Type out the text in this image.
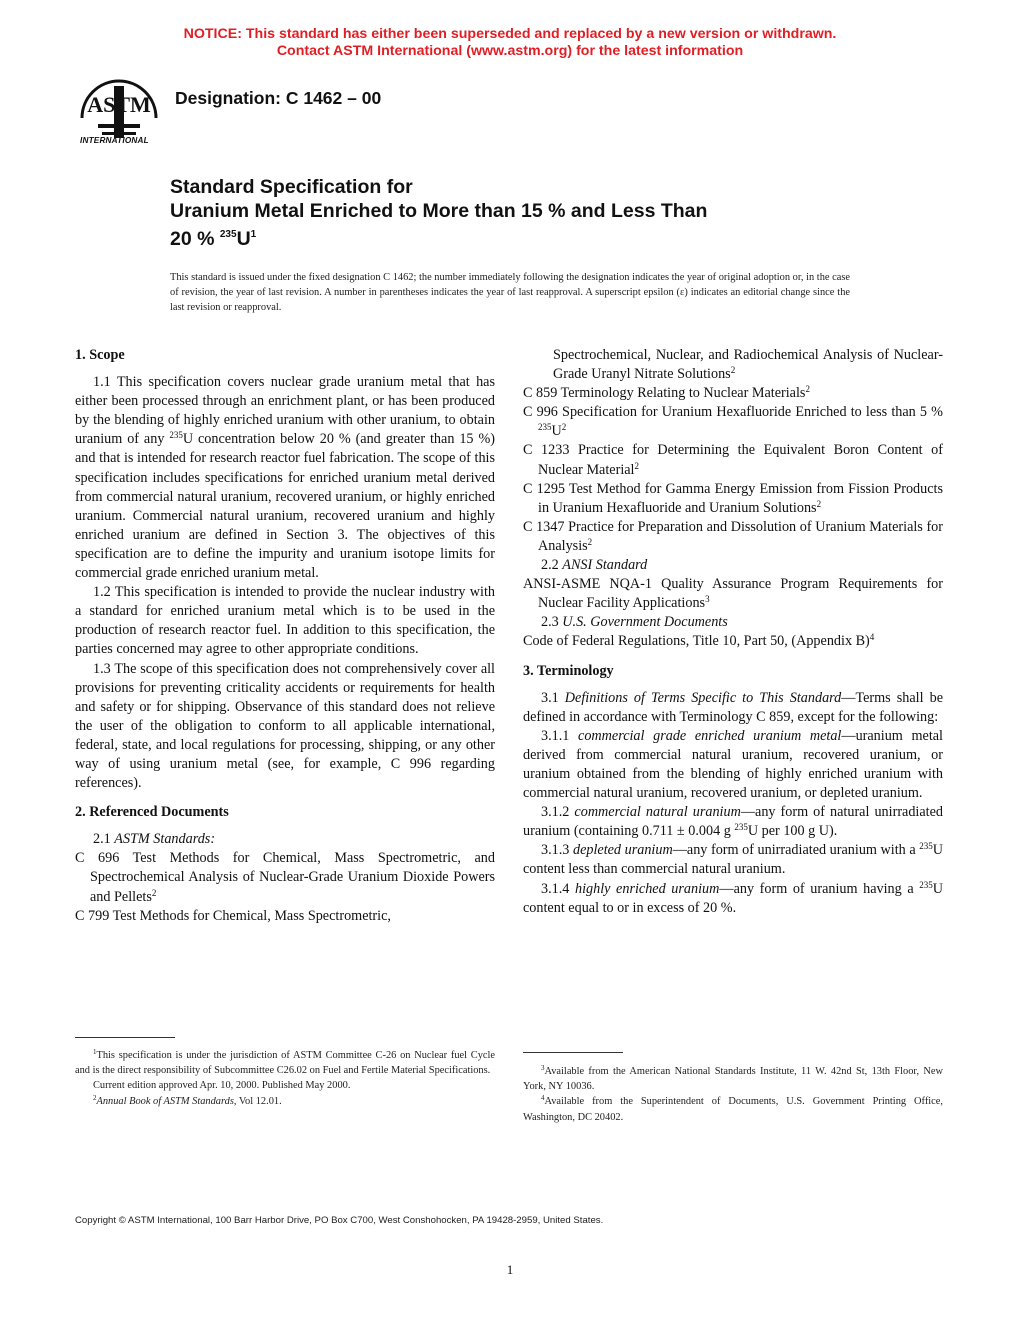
NOTICE: This standard has either been superseded and replaced by a new version or withdrawn.
Contact ASTM International (www.astm.org) for the latest information
ASTM
INTERNATIONAL
Designation: C 1462 – 00
Standard Specification for
Uranium Metal Enriched to More than 15 % and Less Than
20 % $^{235}U^1$
This standard is issued under the fixed designation C 1462; the number immediately following the designation indicates the year of original adoption or, in the case of revision, the year of last revision. A number in parentheses indicates the year of last reapproval. A superscript epsilon (ε) indicates an editorial change since the last revision or reapproval.

1. Scope

1.1 This specification covers nuclear grade uranium metal that has either been processed through an enrichment plant, or has been produced by the blending of highly enriched uranium with other uranium, to obtain uranium of any $^{235}$U concentration below 20 % (and greater than 15 %) and that is intended for research reactor fuel fabrication. The scope of this specification includes specifications for enriched uranium metal derived from commercial natural uranium, recovered uranium, or highly enriched uranium. Commercial natural uranium, recovered uranium and highly enriched uranium are defined in Section 3. The objectives of this specification are to define the impurity and uranium isotope limits for commercial grade enriched uranium metal.

1.2 This specification is intended to provide the nuclear industry with a standard for enriched uranium metal which is to be used in the production of research reactor fuel. In addition to this specification, the parties concerned may agree to other appropriate conditions.

1.3 The scope of this specification does not comprehensively cover all provisions for preventing criticality accidents or requirements for health and safety or for shipping. Observance of this standard does not relieve the user of the obligation to conform to all applicable international, federal, state, and local regulations for processing, shipping, or any other way of using uranium metal (see, for example, C 996 regarding references).

2. Referenced Documents

2.1 ASTM Standards:

C 696 Test Methods for Chemical, Mass Spectrometric, and Spectrochemical Analysis of Nuclear-Grade Uranium Dioxide Powers and Pellets$^2$

C 799 Test Methods for Chemical, Mass Spectrometric,

Spectrochemical, Nuclear, and Radiochemical Analysis of Nuclear-Grade Uranyl Nitrate Solutions$^2$

C 859 Terminology Relating to Nuclear Materials$^2$

C 996 Specification for Uranium Hexafluoride Enriched to less than 5 % $^{235}U^2$

C 1233 Practice for Determining the Equivalent Boron Content of Nuclear Material$^2$

C 1295 Test Method for Gamma Energy Emission from Fission Products in Uranium Hexafluoride and Uranium Solutions$^2$

C 1347 Practice for Preparation and Dissolution of Uranium Materials for Analysis$^2$

2.2 ANSI Standard

ANSI-ASME NQA-1 Quality Assurance Program Requirements for Nuclear Facility Applications$^3$

2.3 U.S. Government Documents

Code of Federal Regulations, Title 10, Part 50, (Appendix B)$^4$

3. Terminology

3.1 Definitions of Terms Specific to This Standard—Terms shall be defined in accordance with Terminology C 859, except for the following:

3.1.1 commercial grade enriched uranium metal—uranium metal derived from commercial natural uranium, recovered uranium, or uranium obtained from the blending of highly enriched uranium with commercial natural uranium, recovered uranium, or depleted uranium.

3.1.2 commercial natural uranium—any form of natural unirradiated uranium (containing 0.711 ± 0.004 g $^{235}$U per 100 g U).

3.1.3 depleted uranium—any form of unirradiated uranium with a $^{235}$U content less than commercial natural uranium.

3.1.4 highly enriched uranium—any form of uranium having a $^{235}$U content equal to or in excess of 20 %.

$^1$This specification is under the jurisdiction of ASTM Committee C-26 on Nuclear fuel Cycle and is the direct responsibility of Subcommittee C26.02 on Fuel and Fertile Material Specifications.

Current edition approved Apr. 10, 2000. Published May 2000.

$^2$Annual Book of ASTM Standards, Vol 12.01.

$^3$Available from the American National Standards Institute, 11 W. 42nd St, 13th Floor, New York, NY 10036.

$^4$Available from the Superintendent of Documents, U.S. Government Printing Office, Washington, DC 20402.

Copyright © ASTM International, 100 Barr Harbor Drive, PO Box C700, West Conshohocken, PA 19428-2959, United States.
1
